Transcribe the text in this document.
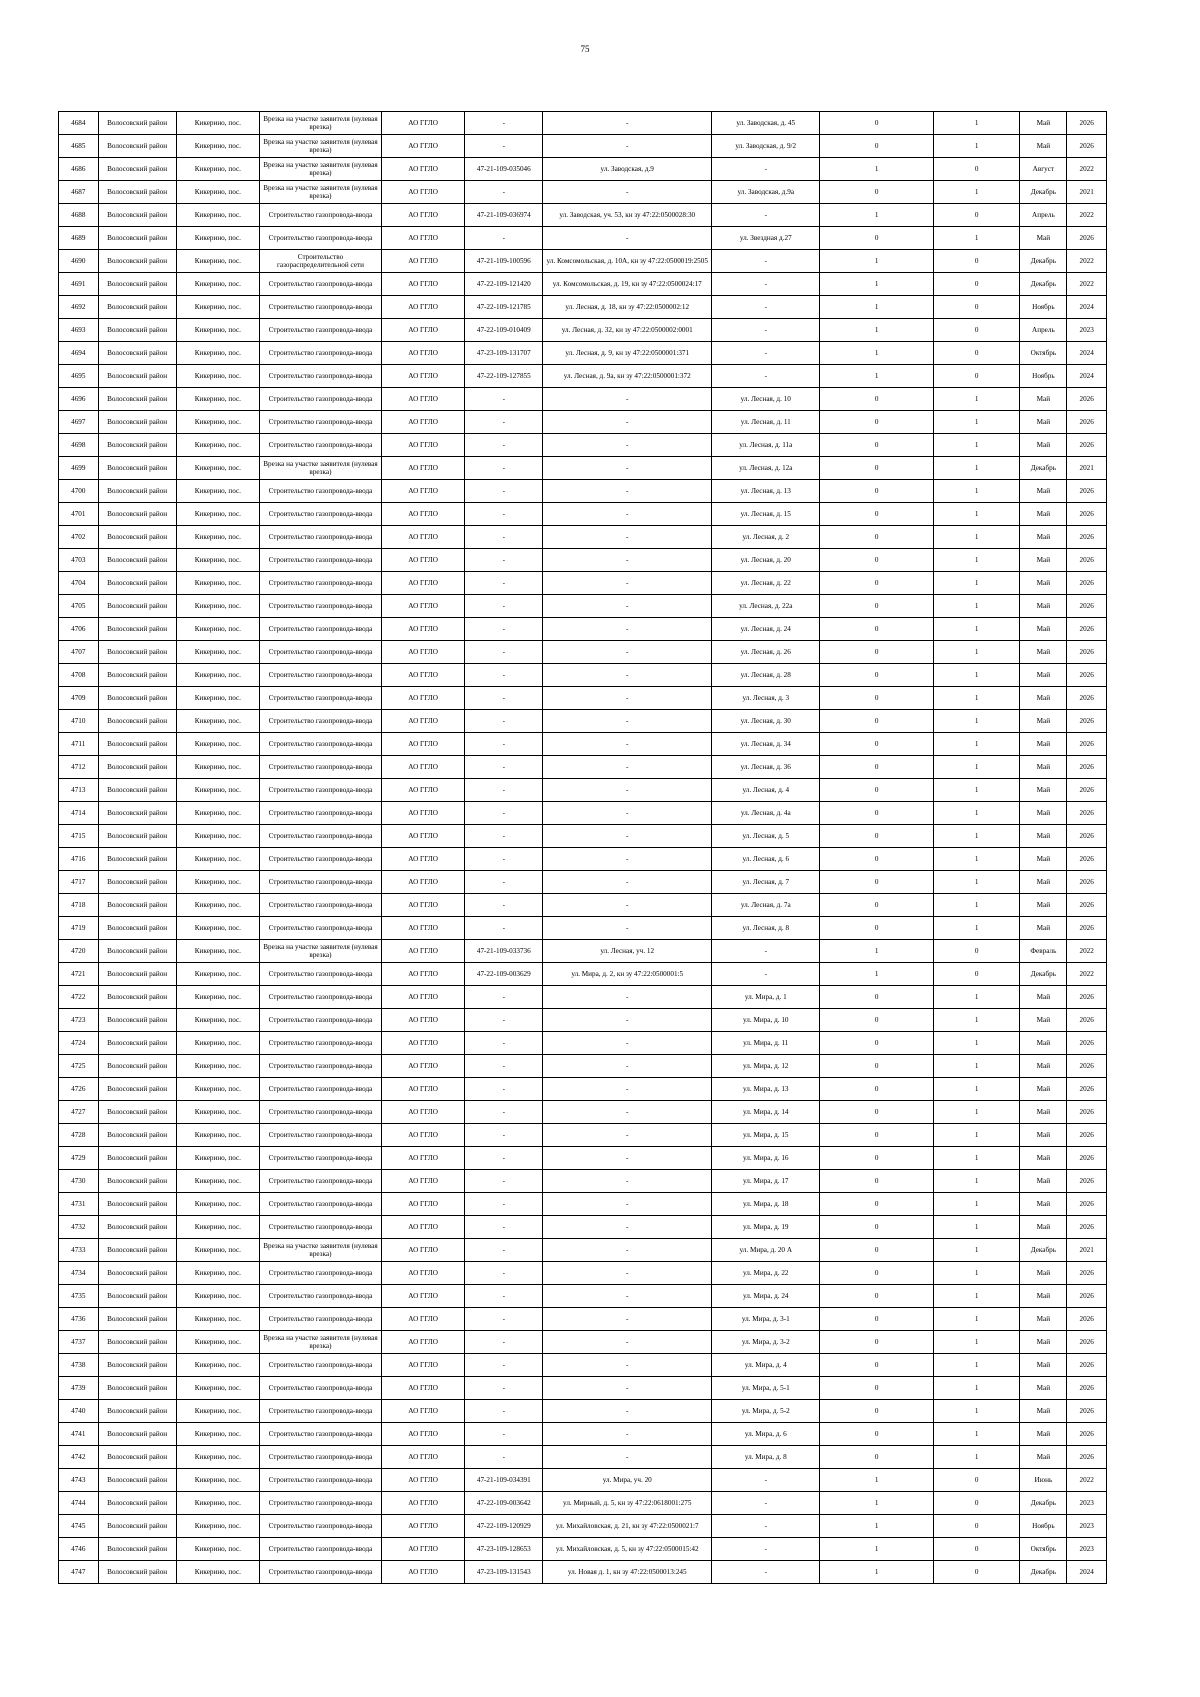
75
4684	Волосовский район	Кикерино, пос.	Врезка на участке заявителя (нулевая врезка)	АО ГГЛО	-	-	ул. Заводская, д. 45	0	1	Май	2026
4685	Волосовский район	Кикерино, пос.	Врезка на участке заявителя (нулевая врезка)	АО ГГЛО	-	-	ул. Заводская, д. 9/2	0	1	Май	2026
4686	Волосовский район	Кикерино, пос.	Врезка на участке заявителя (нулевая врезка)	АО ГГЛО	47-21-109-035046	ул. Заводская, д.9	-	1	0	Август	2022
4687	Волосовский район	Кикерино, пос.	Врезка на участке заявителя (нулевая врезка)	АО ГГЛО	-	-	ул. Заводская, д.9а	0	1	Декабрь	2021
4688	Волосовский район	Кикерино, пос.	Строительство газопровода-ввода	АО ГГЛО	47-21-109-036974	ул. Заводская, уч. 53, кн зу 47:22:0500028:30	-	1	0	Апрель	2022
4689	Волосовский район	Кикерино, пос.	Строительство газопровода-ввода	АО ГГЛО	-	-	ул. Звездная д.27	0	1	Май	2026
4690	Волосовский район	Кикерино, пос.	Строительство газораспределительной сети	АО ГГЛО	47-21-109-100596	ул. Комсомольская, д. 10А, кн зу 47:22:0500019:2505	-	1	0	Декабрь	2022
4691	Волосовский район	Кикерино, пос.	Строительство газопровода-ввода	АО ГГЛО	47-22-109-121420	ул. Комсомольская, д. 19, кн зу 47:22:0500024:17	-	1	0	Декабрь	2022
4692	Волосовский район	Кикерино, пос.	Строительство газопровода-ввода	АО ГГЛО	47-22-109-121785	ул. Лесная, д. 18, кн зу 47:22:0500002:12	-	1	0	Ноябрь	2024
4693	Волосовский район	Кикерино, пос.	Строительство газопровода-ввода	АО ГГЛО	47-22-109-010409	ул. Лесная, д. 32, кн зу 47:22:0500002:0001	-	1	0	Апрель	2023
4694	Волосовский район	Кикерино, пос.	Строительство газопровода-ввода	АО ГГЛО	47-23-109-131707	ул. Лесная, д. 9, кн зу 47:22:0500001:371	-	1	0	Октябрь	2024
4695	Волосовский район	Кикерино, пос.	Строительство газопровода-ввода	АО ГГЛО	47-22-109-127855	ул. Лесная, д. 9а, кн зу 47:22:0500001:372	-	1	0	Ноябрь	2024
4696	Волосовский район	Кикерино, пос.	Строительство газопровода-ввода	АО ГГЛО	-	-	ул. Лесная, д. 10	0	1	Май	2026
4697	Волосовский район	Кикерино, пос.	Строительство газопровода-ввода	АО ГГЛО	-	-	ул. Лесная, д. 11	0	1	Май	2026
4698	Волосовский район	Кикерино, пос.	Строительство газопровода-ввода	АО ГГЛО	-	-	ул. Лесная, д. 11а	0	1	Май	2026
4699	Волосовский район	Кикерино, пос.	Врезка на участке заявителя (нулевая врезка)	АО ГГЛО	-	-	ул. Лесная, д. 12а	0	1	Декабрь	2021
4700	Волосовский район	Кикерино, пос.	Строительство газопровода-ввода	АО ГГЛО	-	-	ул. Лесная, д. 13	0	1	Май	2026
4701	Волосовский район	Кикерино, пос.	Строительство газопровода-ввода	АО ГГЛО	-	-	ул. Лесная, д. 15	0	1	Май	2026
4702	Волосовский район	Кикерино, пос.	Строительство газопровода-ввода	АО ГГЛО	-	-	ул. Лесная, д. 2	0	1	Май	2026
4703	Волосовский район	Кикерино, пос.	Строительство газопровода-ввода	АО ГГЛО	-	-	ул. Лесная, д. 20	0	1	Май	2026
4704	Волосовский район	Кикерино, пос.	Строительство газопровода-ввода	АО ГГЛО	-	-	ул. Лесная, д. 22	0	1	Май	2026
4705	Волосовский район	Кикерино, пос.	Строительство газопровода-ввода	АО ГГЛО	-	-	ул. Лесная, д. 22а	0	1	Май	2026
4706	Волосовский район	Кикерино, пос.	Строительство газопровода-ввода	АО ГГЛО	-	-	ул. Лесная, д. 24	0	1	Май	2026
4707	Волосовский район	Кикерино, пос.	Строительство газопровода-ввода	АО ГГЛО	-	-	ул. Лесная, д. 26	0	1	Май	2026
4708	Волосовский район	Кикерино, пос.	Строительство газопровода-ввода	АО ГГЛО	-	-	ул. Лесная, д. 28	0	1	Май	2026
4709	Волосовский район	Кикерино, пос.	Строительство газопровода-ввода	АО ГГЛО	-	-	ул. Лесная, д. 3	0	1	Май	2026
4710	Волосовский район	Кикерино, пос.	Строительство газопровода-ввода	АО ГГЛО	-	-	ул. Лесная, д. 30	0	1	Май	2026
4711	Волосовский район	Кикерино, пос.	Строительство газопровода-ввода	АО ГГЛО	-	-	ул. Лесная, д. 34	0	1	Май	2026
4712	Волосовский район	Кикерино, пос.	Строительство газопровода-ввода	АО ГГЛО	-	-	ул. Лесная, д. 36	0	1	Май	2026
4713	Волосовский район	Кикерино, пос.	Строительство газопровода-ввода	АО ГГЛО	-	-	ул. Лесная, д. 4	0	1	Май	2026
4714	Волосовский район	Кикерино, пос.	Строительство газопровода-ввода	АО ГГЛО	-	-	ул. Лесная, д. 4а	0	1	Май	2026
4715	Волосовский район	Кикерино, пос.	Строительство газопровода-ввода	АО ГГЛО	-	-	ул. Лесная, д. 5	0	1	Май	2026
4716	Волосовский район	Кикерино, пос.	Строительство газопровода-ввода	АО ГГЛО	-	-	ул. Лесная, д. 6	0	1	Май	2026
4717	Волосовский район	Кикерино, пос.	Строительство газопровода-ввода	АО ГГЛО	-	-	ул. Лесная, д. 7	0	1	Май	2026
4718	Волосовский район	Кикерино, пос.	Строительство газопровода-ввода	АО ГГЛО	-	-	ул. Лесная, д. 7а	0	1	Май	2026
4719	Волосовский район	Кикерино, пос.	Строительство газопровода-ввода	АО ГГЛО	-	-	ул. Лесная, д. 8	0	1	Май	2026
4720	Волосовский район	Кикерино, пос.	Врезка на участке заявителя (нулевая врезка)	АО ГГЛО	47-21-109-033736	ул. Лесная, уч. 12	-	1	0	Февраль	2022
4721	Волосовский район	Кикерино, пос.	Строительство газопровода-ввода	АО ГГЛО	47-22-109-003629	ул. Мира, д. 2, кн зу 47:22:0500001:5	-	1	0	Декабрь	2022
4722	Волосовский район	Кикерино, пос.	Строительство газопровода-ввода	АО ГГЛО	-	-	ул. Мира, д. 1	0	1	Май	2026
4723	Волосовский район	Кикерино, пос.	Строительство газопровода-ввода	АО ГГЛО	-	-	ул. Мира, д. 10	0	1	Май	2026
4724	Волосовский район	Кикерино, пос.	Строительство газопровода-ввода	АО ГГЛО	-	-	ул. Мира, д. 11	0	1	Май	2026
4725	Волосовский район	Кикерино, пос.	Строительство газопровода-ввода	АО ГГЛО	-	-	ул. Мира, д. 12	0	1	Май	2026
4726	Волосовский район	Кикерино, пос.	Строительство газопровода-ввода	АО ГГЛО	-	-	ул. Мира, д. 13	0	1	Май	2026
4727	Волосовский район	Кикерино, пос.	Строительство газопровода-ввода	АО ГГЛО	-	-	ул. Мира, д. 14	0	1	Май	2026
4728	Волосовский район	Кикерино, пос.	Строительство газопровода-ввода	АО ГГЛО	-	-	ул. Мира, д. 15	0	1	Май	2026
4729	Волосовский район	Кикерино, пос.	Строительство газопровода-ввода	АО ГГЛО	-	-	ул. Мира, д. 16	0	1	Май	2026
4730	Волосовский район	Кикерино, пос.	Строительство газопровода-ввода	АО ГГЛО	-	-	ул. Мира, д. 17	0	1	Май	2026
4731	Волосовский район	Кикерино, пос.	Строительство газопровода-ввода	АО ГГЛО	-	-	ул. Мира, д. 18	0	1	Май	2026
4732	Волосовский район	Кикерино, пос.	Строительство газопровода-ввода	АО ГГЛО	-	-	ул. Мира, д. 19	0	1	Май	2026
4733	Волосовский район	Кикерино, пос.	Врезка на участке заявителя (нулевая врезка)	АО ГГЛО	-	-	ул. Мира, д. 20 А	0	1	Декабрь	2021
4734	Волосовский район	Кикерино, пос.	Строительство газопровода-ввода	АО ГГЛО	-	-	ул. Мира, д. 22	0	1	Май	2026
4735	Волосовский район	Кикерино, пос.	Строительство газопровода-ввода	АО ГГЛО	-	-	ул. Мира, д. 24	0	1	Май	2026
4736	Волосовский район	Кикерино, пос.	Строительство газопровода-ввода	АО ГГЛО	-	-	ул. Мира, д. 3-1	0	1	Май	2026
4737	Волосовский район	Кикерино, пос.	Врезка на участке заявителя (нулевая врезка)	АО ГГЛО	-	-	ул. Мира, д. 3-2	0	1	Май	2026
4738	Волосовский район	Кикерино, пос.	Строительство газопровода-ввода	АО ГГЛО	-	-	ул. Мира, д. 4	0	1	Май	2026
4739	Волосовский район	Кикерино, пос.	Строительство газопровода-ввода	АО ГГЛО	-	-	ул. Мира, д. 5-1	0	1	Май	2026
4740	Волосовский район	Кикерино, пос.	Строительство газопровода-ввода	АО ГГЛО	-	-	ул. Мира, д. 5-2	0	1	Май	2026
4741	Волосовский район	Кикерино, пос.	Строительство газопровода-ввода	АО ГГЛО	-	-	ул. Мира, д. 6	0	1	Май	2026
4742	Волосовский район	Кикерино, пос.	Строительство газопровода-ввода	АО ГГЛО	-	-	ул. Мира, д. 8	0	1	Май	2026
4743	Волосовский район	Кикерино, пос.	Строительство газопровода-ввода	АО ГГЛО	47-21-109-034391	ул. Мира, уч. 20	-	1	0	Июнь	2022
4744	Волосовский район	Кикерино, пос.	Строительство газопровода-ввода	АО ГГЛО	47-22-109-003642	ул. Мирный, д. 5, кн зу 47:22:0618001:275	-	1	0	Декабрь	2023
4745	Волосовский район	Кикерино, пос.	Строительство газопровода-ввода	АО ГГЛО	47-22-109-120929	ул. Михайловская, д. 21, кн зу 47:22:0500021:7	-	1	0	Ноябрь	2023
4746	Волосовский район	Кикерино, пос.	Строительство газопровода-ввода	АО ГГЛО	47-23-109-128653	ул. Михайловская, д. 5, кн зу 47:22:0500015:42	-	1	0	Октябрь	2023
4747	Волосовский район	Кикерино, пос.	Строительство газопровода-ввода	АО ГГЛО	47-23-109-131543	ул. Новая д. 1, кн зу 47:22:0500013:245	-	1	0	Декабрь	2024
